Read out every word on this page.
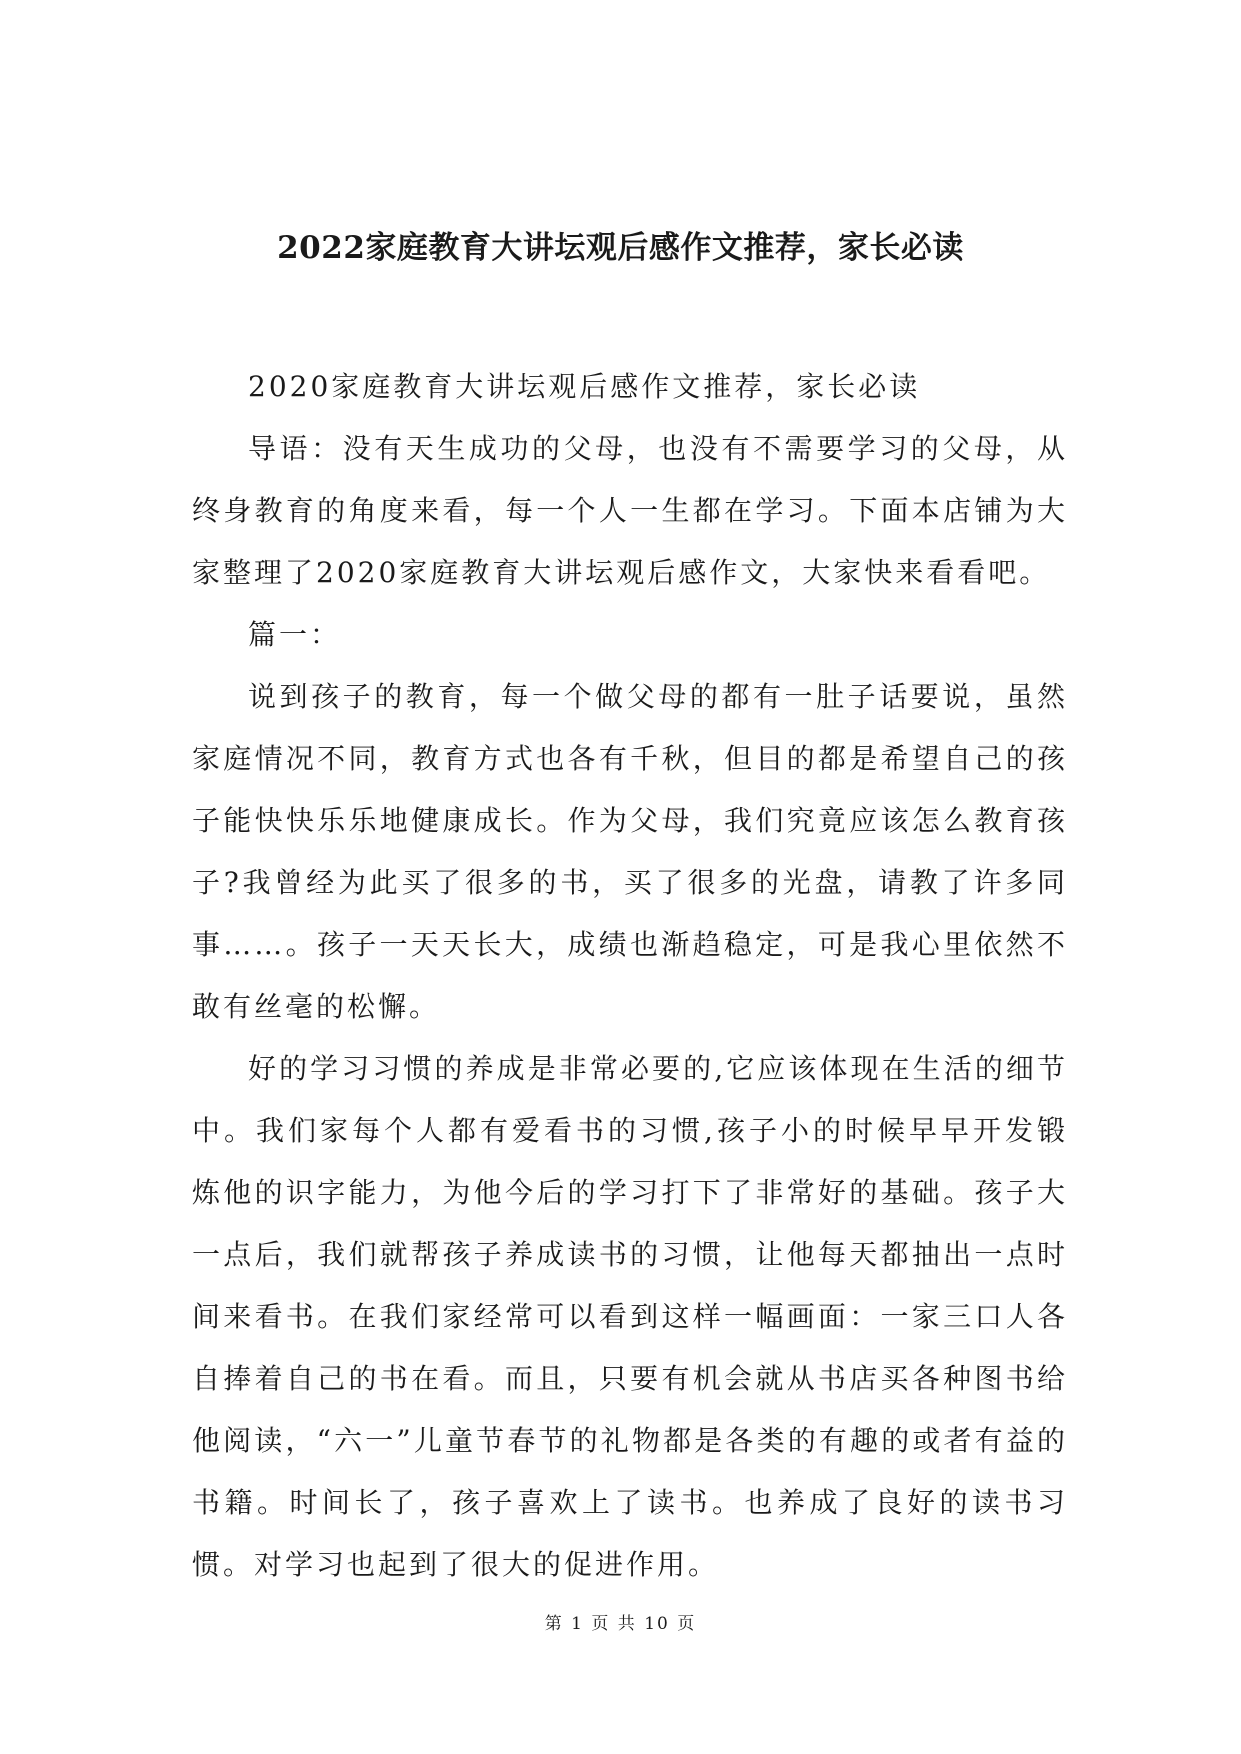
2022家庭教育大讲坛观后感作文推荐，家长必读

2020家庭教育大讲坛观后感作文推荐，家长必读

导语：没有天生成功的父母，也没有不需要学习的父母，从终身教育的角度来看，每一个人一生都在学习。下面本店铺为大家整理了2020家庭教育大讲坛观后感作文，大家快来看看吧。

篇一：

说到孩子的教育，每一个做父母的都有一肚子话要说，虽然家庭情况不同，教育方式也各有千秋，但目的都是希望自己的孩子能快快乐乐地健康成长。作为父母，我们究竟应该怎么教育孩子?我曾经为此买了很多的书，买了很多的光盘，请教了许多同事……。孩子一天天长大，成绩也渐趋稳定，可是我心里依然不敢有丝毫的松懈。

好的学习习惯的养成是非常必要的,它应该体现在生活的细节中。我们家每个人都有爱看书的习惯,孩子小的时候早早开发锻炼他的识字能力，为他今后的学习打下了非常好的基础。孩子大一点后，我们就帮孩子养成读书的习惯，让他每天都抽出一点时间来看书。在我们家经常可以看到这样一幅画面：一家三口人各自捧着自己的书在看。而且，只要有机会就从书店买各种图书给他阅读，“六一”儿童节春节的礼物都是各类的有趣的或者有益的书籍。时间长了，孩子喜欢上了读书。也养成了良好的读书习惯。对学习也起到了很大的促进作用。

第 1 页 共 10 页
